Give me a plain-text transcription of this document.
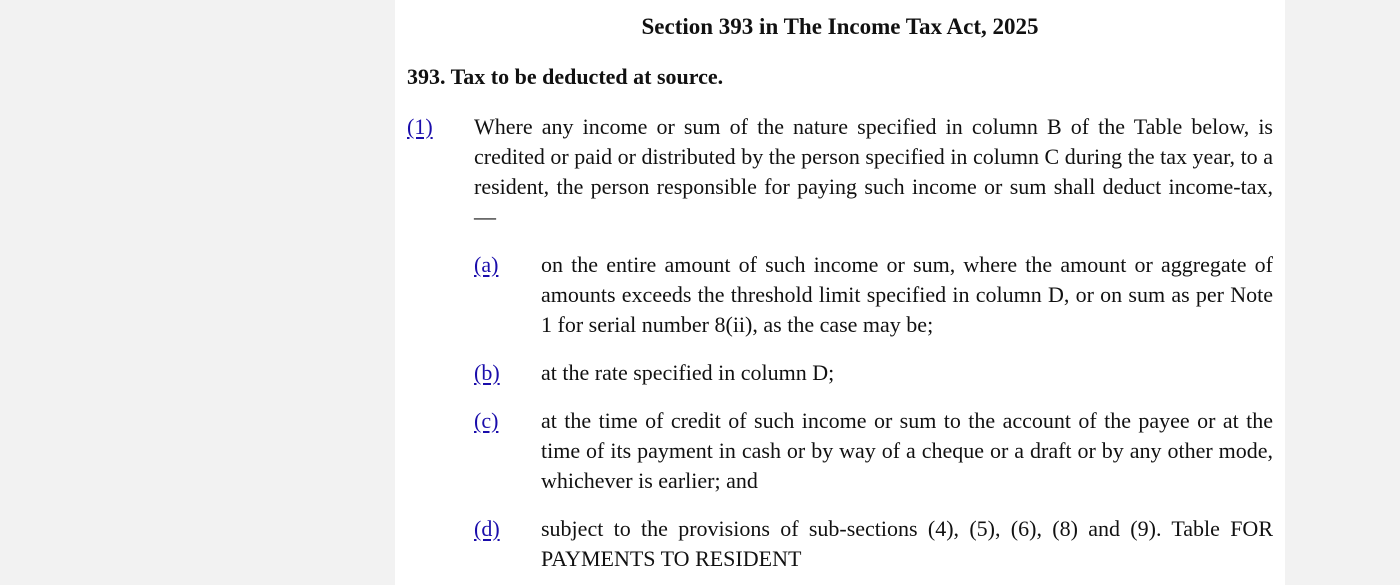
Section 393 in The Income Tax Act, 2025
393. Tax to be deducted at source.
(1) Where any income or sum of the nature specified in column B of the Table below, is credited or paid or distributed by the person specified in column C during the tax year, to a resident, the person responsible for paying such income or sum shall deduct income-tax,—

(a) on the entire amount of such income or sum, where the amount or aggregate of amounts exceeds the threshold limit specified in column D, or on sum as per Note 1 for serial number 8(ii), as the case may be;

(b) at the rate specified in column D;

(c) at the time of credit of such income or sum to the account of the payee or at the time of its payment in cash or by way of a cheque or a draft or by any other mode, whichever is earlier; and

(d) subject to the provisions of sub-sections (4), (5), (6), (8) and (9). Table FOR PAYMENTS TO RESIDENT
